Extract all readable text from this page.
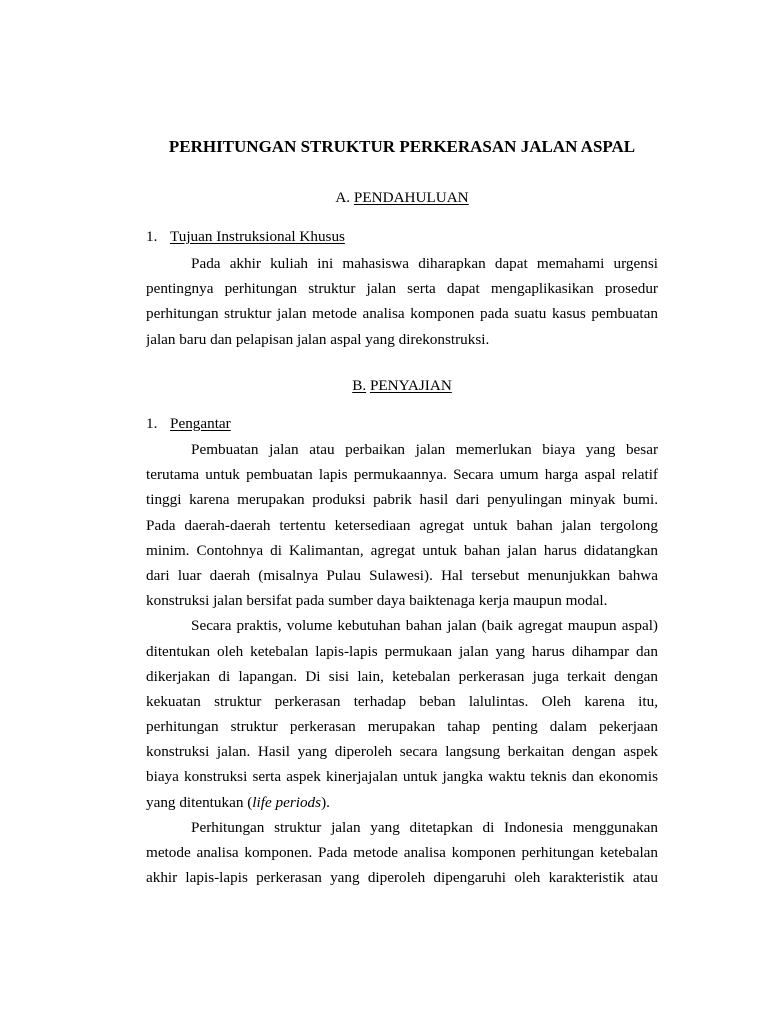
PERHITUNGAN STRUKTUR PERKERASAN JALAN ASPAL
A. PENDAHULUAN
1. Tujuan Instruksional Khusus
Pada akhir kuliah ini mahasiswa diharapkan dapat memahami urgensi
pentingnya perhitungan struktur jalan serta dapat mengaplikasikan prosedur
perhitungan struktur jalan metode analisa komponen pada suatu kasus pembuatan
jalan baru dan pelapisan jalan aspal yang direkonstruksi.
B. PENYAJIAN
1. Pengantar
Pembuatan jalan atau perbaikan jalan memerlukan biaya yang besar
terutama untuk pembuatan lapis permukaannya. Secara umum harga aspal relatif
tinggi karena merupakan produksi pabrik hasil dari penyulingan minyak bumi.
Pada daerah-daerah tertentu ketersediaan agregat untuk bahan jalan tergolong
minim. Contohnya di Kalimantan, agregat untuk bahan jalan harus didatangkan
dari luar daerah (misalnya Pulau Sulawesi). Hal tersebut menunjukkan bahwa
konstruksi jalan bersifat pada sumber daya baiktenaga kerja maupun modal.
Secara praktis, volume kebutuhan bahan jalan (baik agregat maupun aspal)
ditentukan oleh ketebalan lapis-lapis permukaan jalan yang harus dihampar dan
dikerjakan di lapangan. Di sisi lain, ketebalan perkerasan juga terkait dengan
kekuatan struktur perkerasan terhadap beban lalulintas. Oleh karena itu,
perhitungan struktur perkerasan merupakan tahap penting dalam pekerjaan
konstruksi jalan. Hasil yang diperoleh secara langsung berkaitan dengan aspek
biaya konstruksi serta aspek kinerjajalan untuk jangka waktu teknis dan ekonomis
yang ditentukan (life periods).
Perhitungan struktur jalan yang ditetapkan di Indonesia menggunakan
metode analisa komponen. Pada metode analisa komponen perhitungan ketebalan
akhir lapis-lapis perkerasan yang diperoleh dipengaruhi oleh karakteristik atau
